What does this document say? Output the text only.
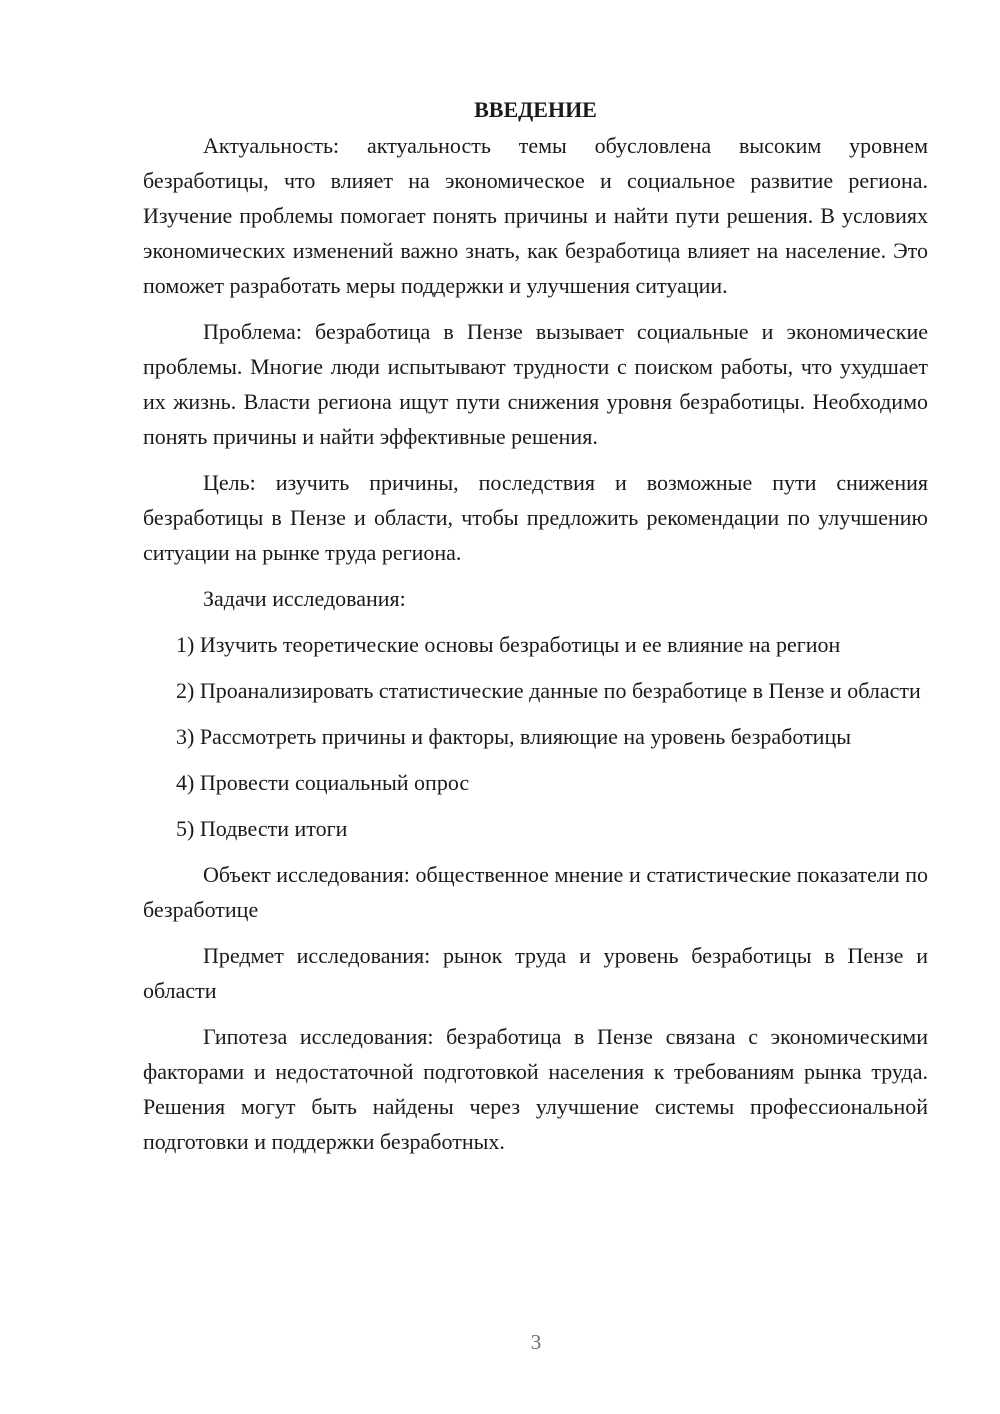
ВВЕДЕНИЕ

Актуальность: актуальность темы обусловлена высоким уровнем безработицы, что влияет на экономическое и социальное развитие региона. Изучение проблемы помогает понять причины и найти пути решения. В условиях экономических изменений важно знать, как безработица влияет на население. Это поможет разработать меры поддержки и улучшения ситуации.

Проблема: безработица в Пензе вызывает социальные и экономические проблемы. Многие люди испытывают трудности с поиском работы, что ухудшает их жизнь. Власти региона ищут пути снижения уровня безработицы. Необходимо понять причины и найти эффективные решения.

Цель: изучить причины, последствия и возможные пути снижения безработицы в Пензе и области, чтобы предложить рекомендации по улучшению ситуации на рынке труда региона.

Задачи исследования:

1) Изучить теоретические основы безработицы и ее влияние на регион

2) Проанализировать статистические данные по безработице в Пензе и области

3) Рассмотреть причины и факторы, влияющие на уровень безработицы

4) Провести социальный опрос

5) Подвести итоги

Объект исследования: общественное мнение и статистические показатели по безработице

Предмет исследования: рынок труда и уровень безработицы в Пензе и области

Гипотеза исследования: безработица в Пензе связана с экономическими факторами и недостаточной подготовкой населения к требованиям рынка труда. Решения могут быть найдены через улучшение системы профессиональной подготовки и поддержки безработных.

3
